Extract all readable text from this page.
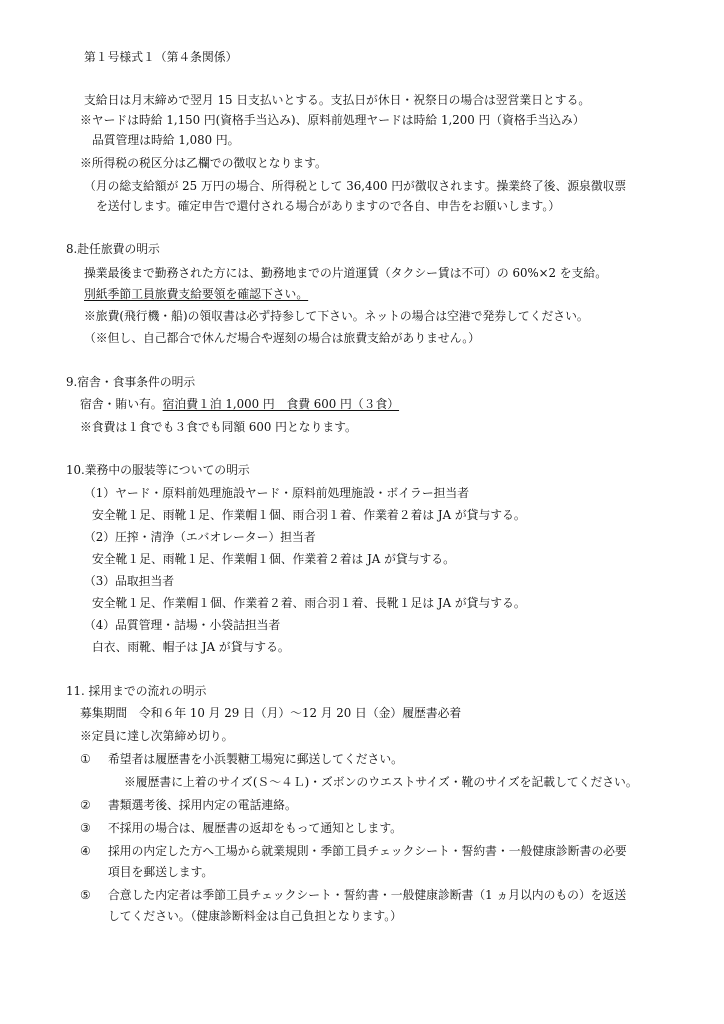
第１号様式１（第４条関係）
支給日は月末締めで翌月 15 日支払いとする。支払日が休日・祝祭日の場合は翌営業日とする。
※ヤードは時給 1,150 円(資格手当込み)、原料前処理ヤードは時給 1,200 円（資格手当込み）
品質管理は時給 1,080 円。
※所得税の税区分は乙欄での徴収となります。
（月の総支給額が 25 万円の場合、所得税として 36,400 円が徴収されます。操業終了後、源泉徴収票
を送付します。確定申告で還付される場合がありますので各自、申告をお願いします。）
8.赴任旅費の明示
操業最後まで勤務された方には、勤務地までの片道運賃（タクシー賃は不可）の 60%×2 を支給。
別紙季節工員旅費支給要領を確認下さい。
※旅費(飛行機・船)の領収書は必ず持参して下さい。ネットの場合は空港で発券してください。
（※但し、自己都合で休んだ場合や遅刻の場合は旅費支給がありません。）
9.宿舎・食事条件の明示
宿舎・賄い有。宿泊費１泊 1,000 円　食費 600 円（３食）
※食費は１食でも３食でも同額 600 円となります。
10.業務中の服装等についての明示
（1）ヤード・原料前処理施設ヤード・原料前処理施設・ボイラー担当者
安全靴１足、雨靴１足、作業帽１個、雨合羽１着、作業着２着は JA が貸与する。
（2）圧搾・清浄（エバオレーター）担当者
安全靴１足、雨靴１足、作業帽１個、作業着２着は JA が貸与する。
（3）品取担当者
安全靴１足、作業帽１個、作業着２着、雨合羽１着、長靴１足は JA が貸与する。
（4）品質管理・詰場・小袋詰担当者
白衣、雨靴、帽子は JA が貸与する。
11. 採用までの流れの明示
募集期間　令和６年 10 月 29 日（月）～12 月 20 日（金）履歴書必着
※定員に達し次第締め切り。
① 希望者は履歴書を小浜製糖工場宛に郵送してください。
※履歴書に上着のサイズ(Ｓ～４Ｌ)・ズボンのウエストサイズ・靴のサイズを記載してください。
② 書類選考後、採用内定の電話連絡。
③ 不採用の場合は、履歴書の返却をもって通知とします。
④ 採用の内定した方へ工場から就業規則・季節工員チェックシート・誓約書・一般健康診断書の必要
項目を郵送します。
⑤ 合意した内定者は季節工員チェックシート・誓約書・一般健康診断書（1 ヵ月以内のもの）を返送
してください。（健康診断料金は自己負担となります。）
